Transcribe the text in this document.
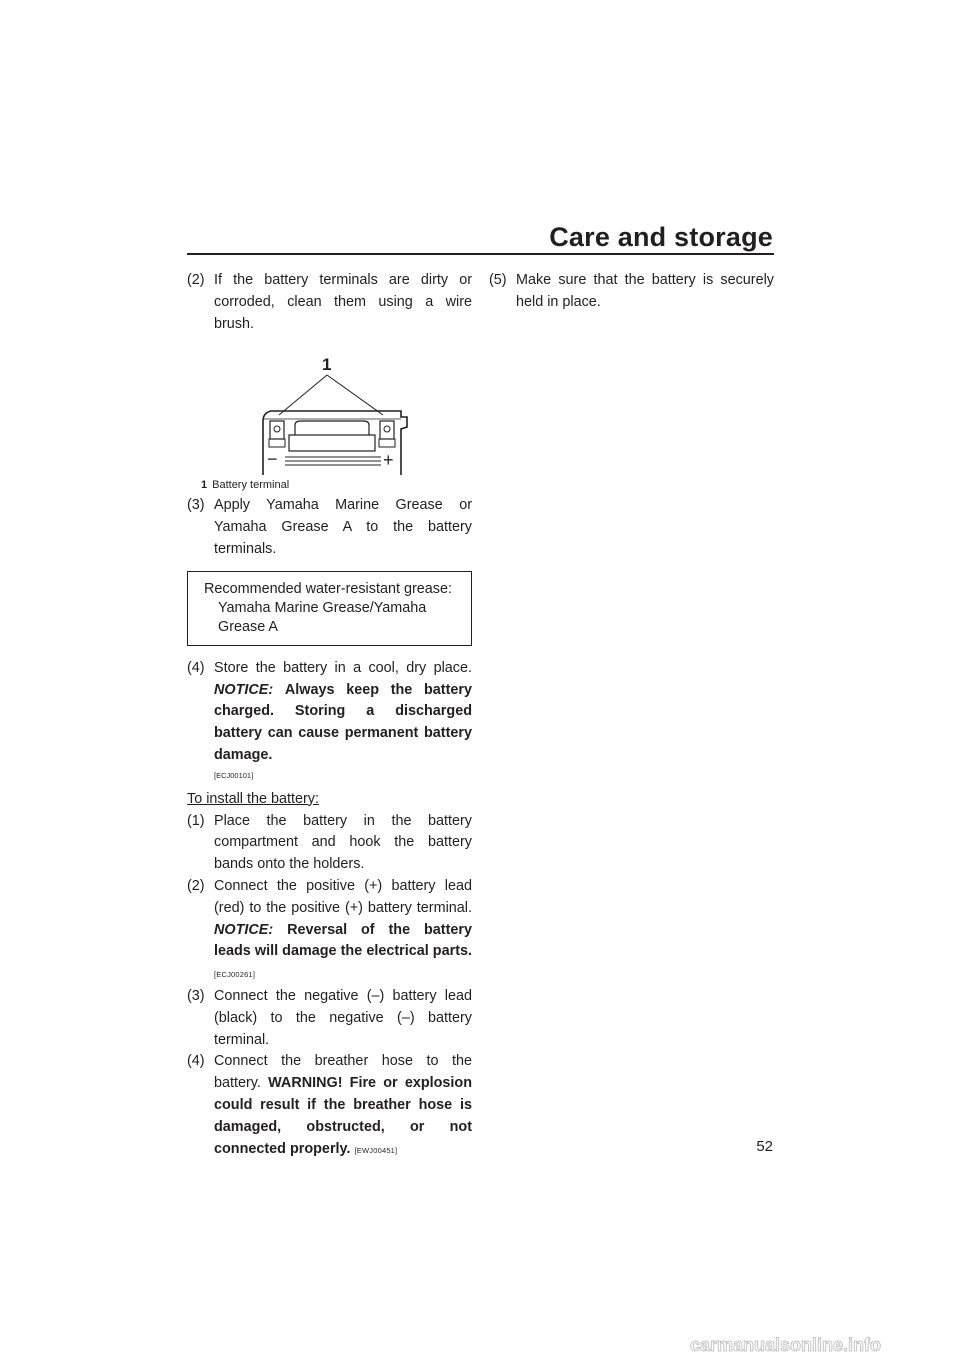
Care and storage
(2) If the battery terminals are dirty or corroded, clean them using a wire brush.
1
−	+
1 Battery terminal
(3) Apply Yamaha Marine Grease or Yamaha Grease A to the battery terminals.
Recommended water-resistant grease:
Yamaha Marine Grease/Yamaha Grease A
(4) Store the battery in a cool, dry place. NOTICE: Always keep the battery charged. Storing a discharged battery can cause permanent battery damage.
[ECJ00101]
To install the battery:
(1) Place the battery in the battery compartment and hook the battery bands onto the holders.
(2) Connect the positive (+) battery lead (red) to the positive (+) battery terminal. NOTICE: Reversal of the battery leads will damage the electrical parts. [ECJ00261]
(3) Connect the negative (–) battery lead (black) to the negative (–) battery terminal.
(4) Connect the breather hose to the battery. WARNING! Fire or explosion could result if the breather hose is damaged, obstructed, or not connected properly. [EWJ00451]
(5) Make sure that the battery is securely held in place.
52
carmanualsonline.info
